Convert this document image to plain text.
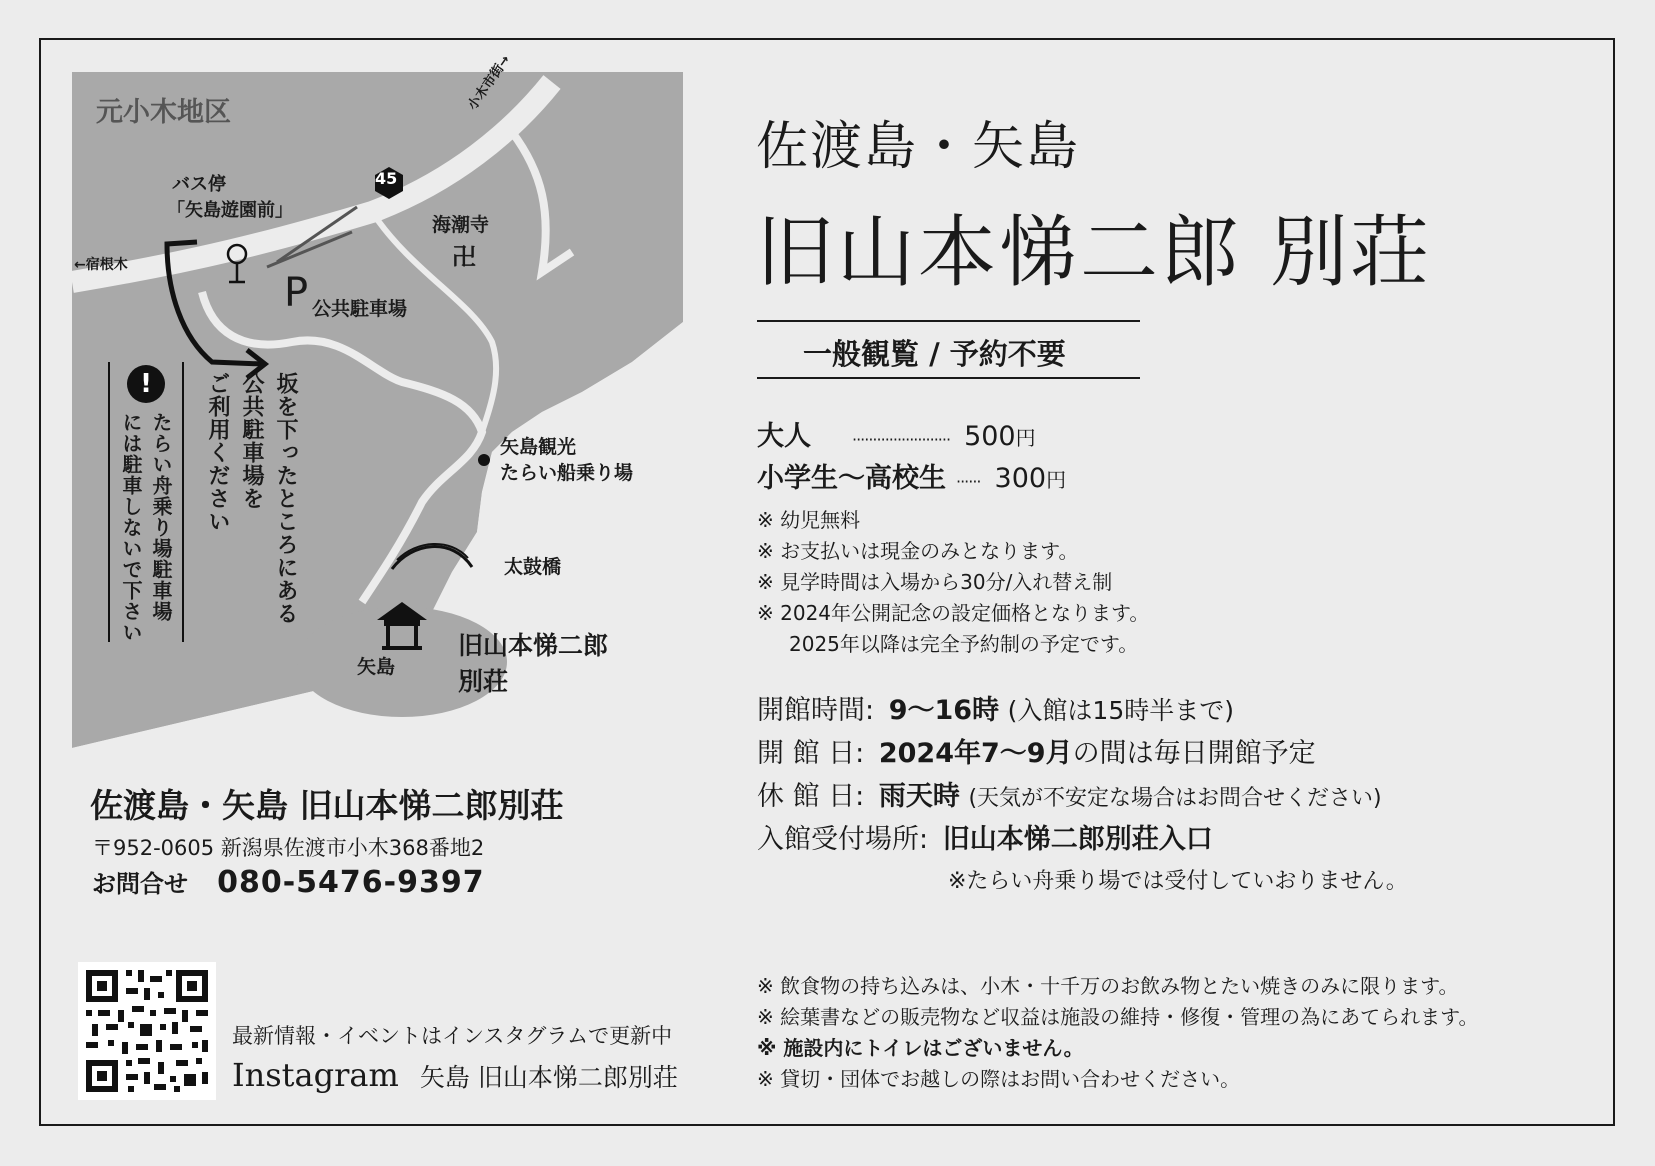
元小木地区
45
小木市街→
←宿根木
バス停
「矢島遊園前」
海潮寺
卍
P 公共駐車場
矢島観光
たらい船乗り場
太鼓橋
矢島
旧山本悌二郎
別荘
坂を下ったところにある
公共駐車場を
ご利用ください
!
たらい舟乗り場駐車場
には駐車しないで下さい
佐渡島・矢島
旧山本悌二郎 別荘
一般観覧 / 予約不要
大人	························ 500円
小学生〜高校生 ······ 300円
※ 幼児無料
※ お支払いは現金のみとなります。
※ 見学時間は入場から30分/入れ替え制
※ 2024年公開記念の設定価格となります。
2025年以降は完全予約制の予定です。
開館時間: 9〜16時 (入館は15時半まで)
開 館 日: 2024年7〜9月の間は毎日開館予定
休 館 日: 雨天時 (天気が不安定な場合はお問合せください)
入館受付場所: 旧山本悌二郎別荘入口
※たらい舟乗り場では受付していおりません。
佐渡島・矢島 旧山本悌二郎別荘
〒952-0605 新潟県佐渡市小木368番地2
お問合せ 080-5476-9397
最新情報・イベントはインスタグラムで更新中
Instagram 矢島 旧山本悌二郎別荘
※ 飲食物の持ち込みは、小木・十千万のお飲み物とたい焼きのみに限ります。
※ 絵葉書などの販売物など収益は施設の維持・修復・管理の為にあてられます。
※ 施設内にトイレはございません。
※ 貸切・団体でお越しの際はお問い合わせください。
